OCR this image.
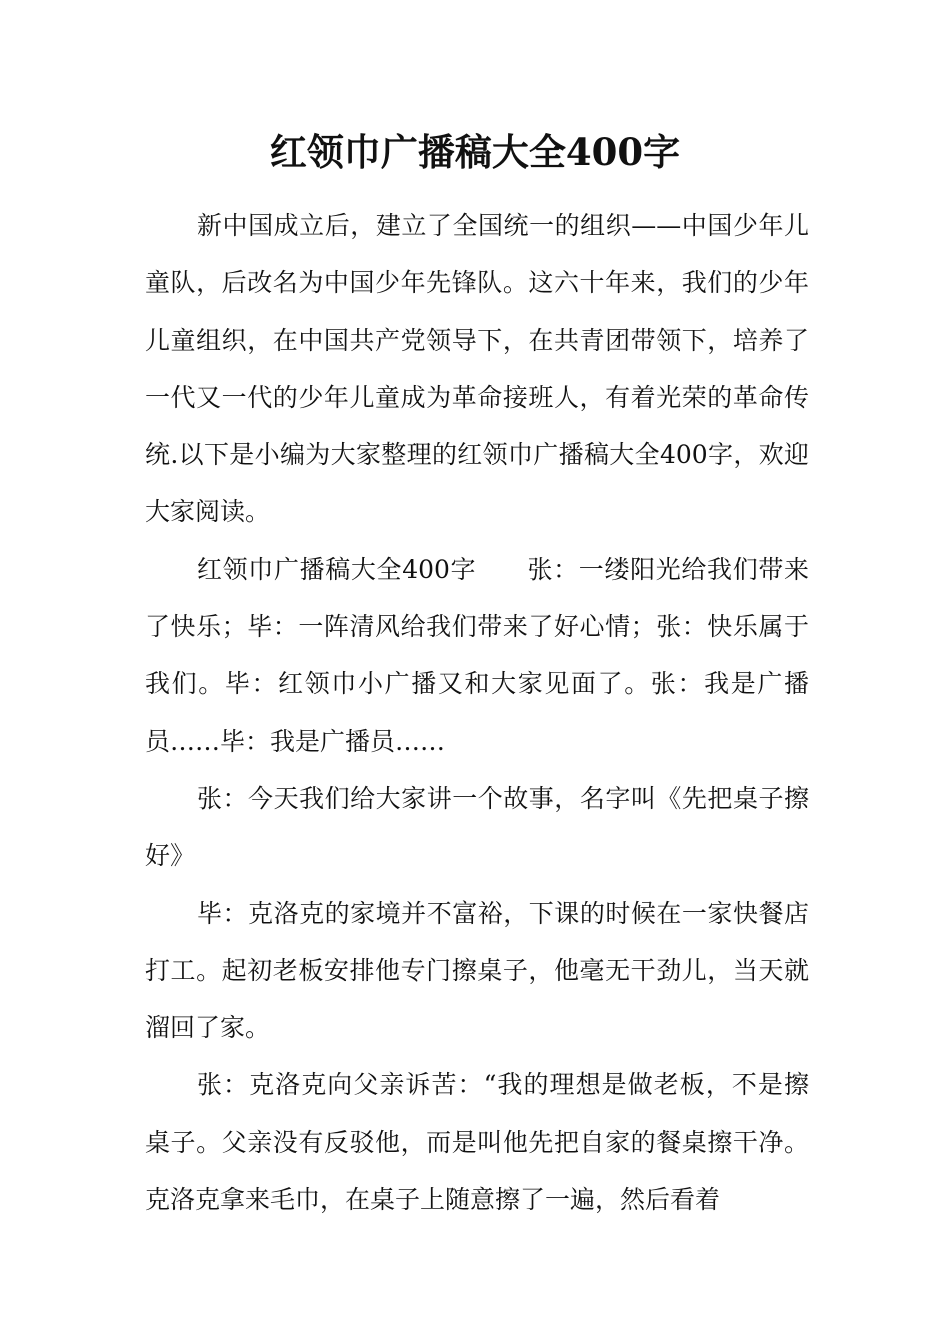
红领巾广播稿大全400字

新中国成立后，建立了全国统一的组织——中国少年儿童队，后改名为中国少年先锋队。这六十年来，我们的少年儿童组织，在中国共产党领导下，在共青团带领下，培养了一代又一代的少年儿童成为革命接班人，有着光荣的革命传统.以下是小编为大家整理的红领巾广播稿大全400字，欢迎大家阅读。

红领巾广播稿大全400字　　张：一缕阳光给我们带来了快乐；毕：一阵清风给我们带来了好心情；张：快乐属于我们。毕：红领巾小广播又和大家见面了。张：我是广播员……毕：我是广播员……

张：今天我们给大家讲一个故事，名字叫《先把桌子擦好》

毕：克洛克的家境并不富裕，下课的时候在一家快餐店打工。起初老板安排他专门擦桌子，他毫无干劲儿，当天就溜回了家。

张：克洛克向父亲诉苦：“我的理想是做老板，不是擦桌子。父亲没有反驳他，而是叫他先把自家的餐桌擦干净。克洛克拿来毛巾，在桌子上随意擦了一遍，然后看着
